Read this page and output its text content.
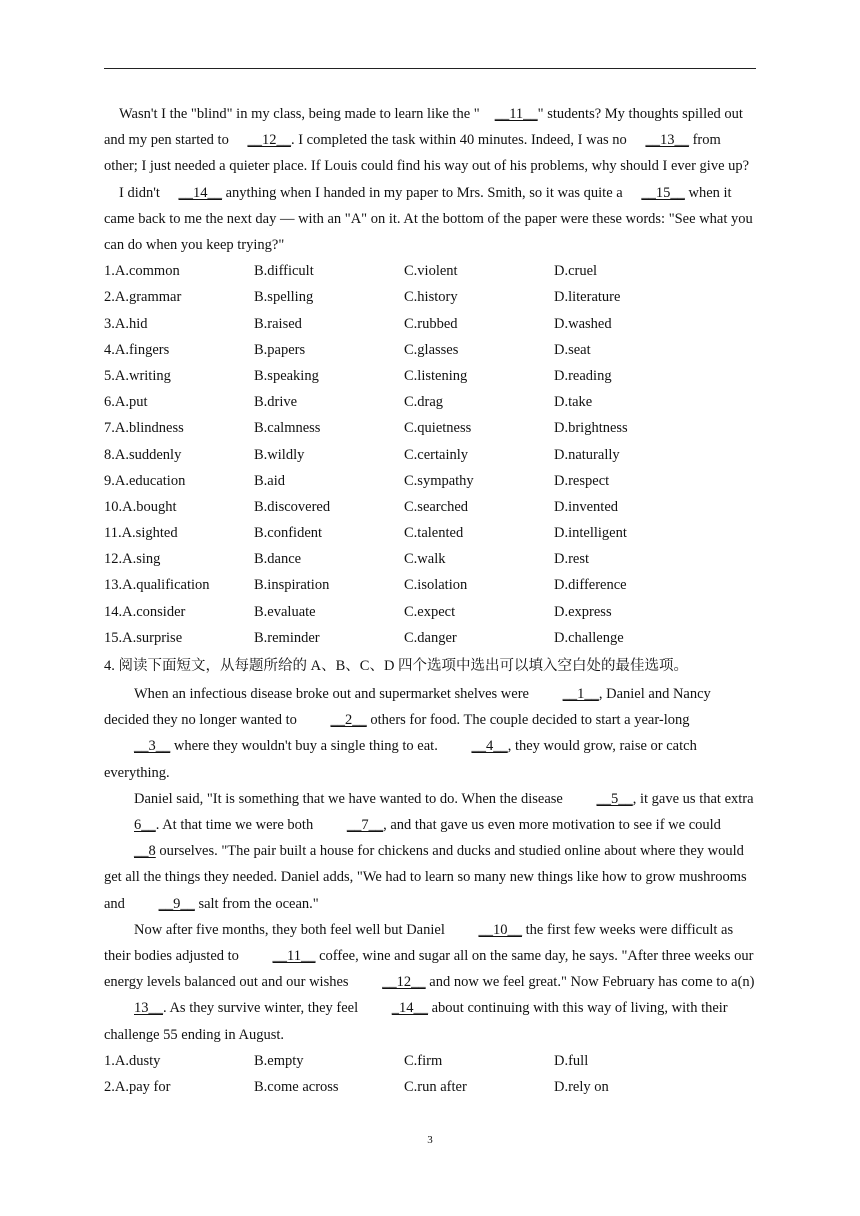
Wasn't I the "blind" in my class, being made to learn like the " __11__" students? My thoughts spilled out and my pen started to __12__. I completed the task within 40 minutes. Indeed, I was no __13__ from other; I just needed a quieter place. If Louis could find his way out of his problems, why should I ever give up?

I didn't __14__ anything when I handed in my paper to Mrs. Smith, so it was quite a __15__ when it came back to me the next day — with an "A" on it. At the bottom of the paper were these words: "See what you can do when you keep trying?"

1.A.common	B.difficult	C.violent	D.cruel
2.A.grammar	B.spelling	C.history	D.literature
3.A.hid	B.raised	C.rubbed	D.washed
4.A.fingers	B.papers	C.glasses	D.seat
5.A.writing	B.speaking	C.listening	D.reading
6.A.put	B.drive	C.drag	D.take
7.A.blindness	B.calmness	C.quietness	D.brightness
8.A.suddenly	B.wildly	C.certainly	D.naturally
9.A.education	B.aid	C.sympathy	D.respect
10.A.bought	B.discovered	C.searched	D.invented
11.A.sighted	B.confident	C.talented	D.intelligent
12.A.sing	B.dance	C.walk	D.rest
13.A.qualification	B.inspiration	C.isolation	D.difference
14.A.consider	B.evaluate	C.expect	D.express
15.A.surprise	B.reminder	C.danger	D.challenge

4. 阅读下面短文，从每题所给的 A、B、C、D 四个选项中选出可以填入空白处的最佳选项。

When an infectious disease broke out and supermarket shelves were __1__, Daniel and Nancy decided they no longer wanted to __2__ others for food. The couple decided to start a year-long __3__ where they wouldn't buy a single thing to eat. __4__, they would grow, raise or catch everything.

Daniel said, "It is something that we have wanted to do. When the disease __5__, it gave us that extra 6__. At that time we were both __7__, and that gave us even more motivation to see if we could __8 ourselves. "The pair built a house for chickens and ducks and studied online about where they would get all the things they needed. Daniel adds, "We had to learn so many new things like how to grow mushrooms and __9__ salt from the ocean."

Now after five months, they both feel well but Daniel __10__ the first few weeks were difficult as their bodies adjusted to __11__ coffee, wine and sugar all on the same day, he says. "After three weeks our energy levels balanced out and our wishes __12__ and now we feel great." Now February has come to a(n) 13__. As they survive winter, they feel _14__ about continuing with this way of living, with their challenge 55 ending in August.

1.A.dusty	B.empty	C.firm	D.full
2.A.pay for	B.come across	C.run after	D.rely on
3
